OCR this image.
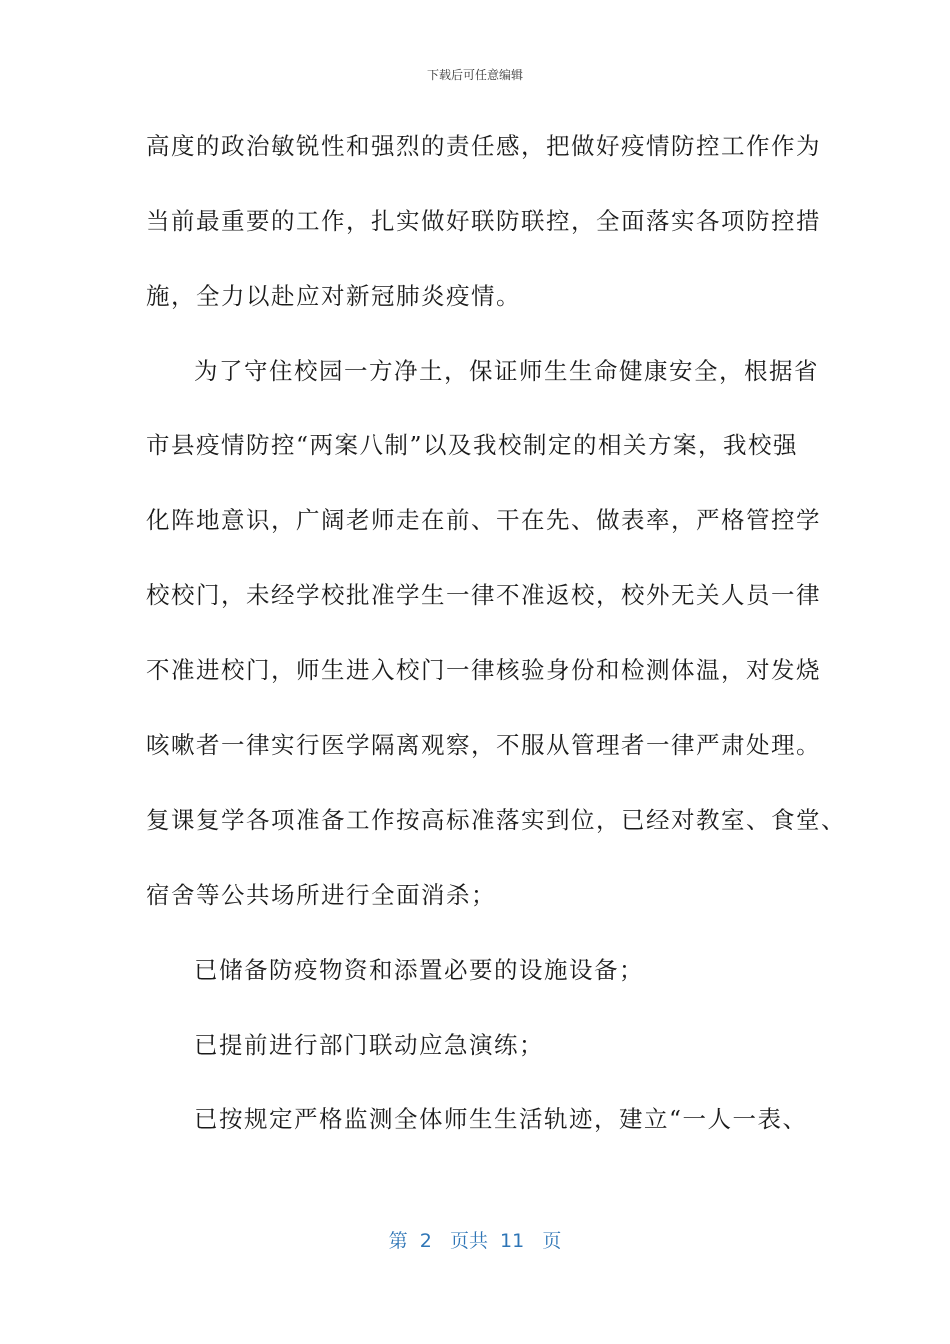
下载后可任意编辑
高度的政治敏锐性和强烈的责任感，把做好疫情防控工作作为
当前最重要的工作，扎实做好联防联控，全面落实各项防控措
施，全力以赴应对新冠肺炎疫情。
为了守住校园一方净土，保证师生生命健康安全，根据省
市县疫情防控“两案八制”以及我校制定的相关方案，我校强
化阵地意识，广阔老师走在前、干在先、做表率，严格管控学
校校门，未经学校批准学生一律不准返校，校外无关人员一律
不准进校门，师生进入校门一律核验身份和检测体温，对发烧
咳嗽者一律实行医学隔离观察，不服从管理者一律严肃处理。
复课复学各项准备工作按高标准落实到位，已经对教室、食堂、
宿舍等公共场所进行全面消杀；
已储备防疫物资和添置必要的设施设备；
已提前进行部门联动应急演练；
已按规定严格监测全体师生生活轨迹，建立“一人一表、
第  2   页共  11   页
